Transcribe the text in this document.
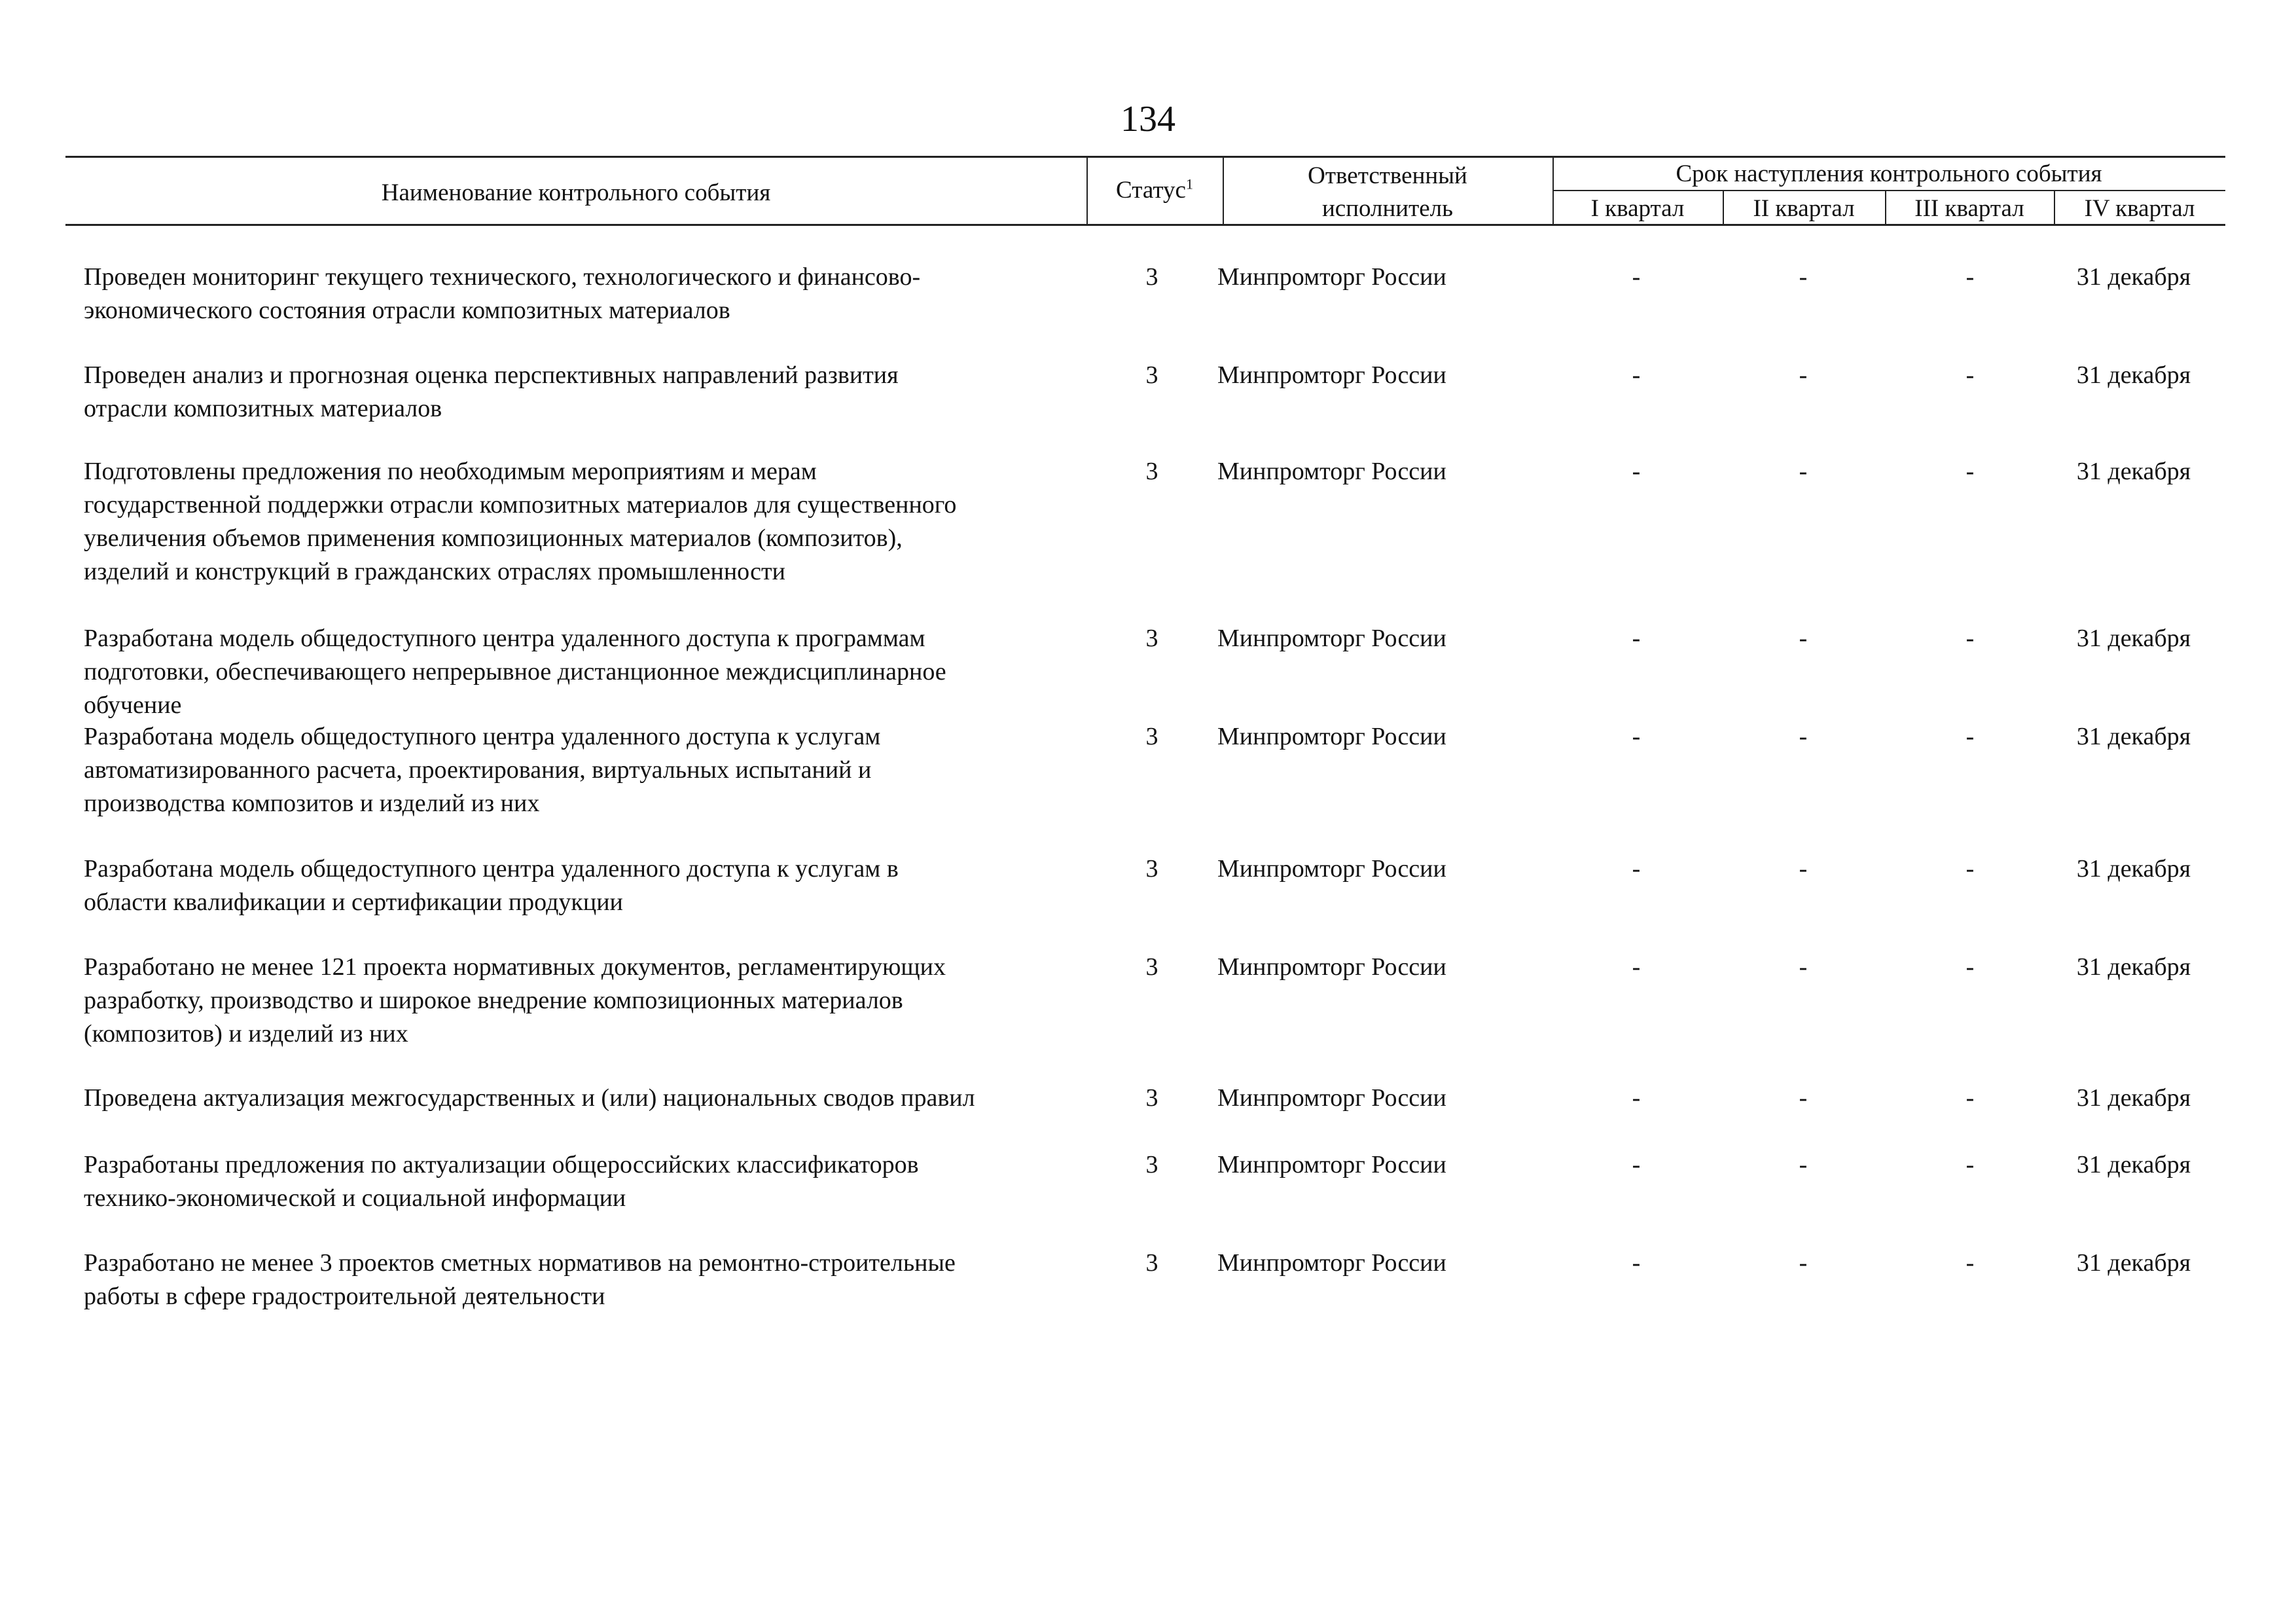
134
Наименование контрольного события	Статус$^1$	Ответственный
исполнитель
Срок наступления контрольного события
I квартал	II квартал	III квартал	IV квартал
Проведен мониторинг текущего технического, технологического и финансово-
экономического состояния отрасли композитных материалов
3	Минпромторг России	-	-	-	31 декабря
Проведен анализ и прогнозная оценка перспективных направлений развития
отрасли композитных материалов
3	Минпромторг России	-	-	-	31 декабря
Подготовлены предложения по необходимым мероприятиям и мерам
государственной поддержки отрасли композитных материалов для существенного
увеличения объемов применения композиционных материалов (композитов),
изделий и конструкций в гражданских отраслях промышленности
3	Минпромторг России	-	-	-	31 декабря
Разработана модель общедоступного центра удаленного доступа к программам
подготовки, обеспечивающего непрерывное дистанционное междисциплинарное
обучение
3	Минпромторг России	-	-	-	31 декабря
Разработана модель общедоступного центра удаленного доступа к услугам
автоматизированного расчета, проектирования, виртуальных испытаний и
производства композитов и изделий из них
3	Минпромторг России	-	-	-	31 декабря
Разработана модель общедоступного центра удаленного доступа к услугам в
области квалификации и сертификации продукции
3	Минпромторг России	-	-	-	31 декабря
Разработано не менее 121 проекта нормативных документов, регламентирующих
разработку, производство и широкое внедрение композиционных материалов
(композитов) и изделий из них
3	Минпромторг России	-	-	-	31 декабря
Проведена актуализация межгосударственных и (или) национальных сводов правил	3	Минпромторг России	-	-	-	31 декабря
Разработаны предложения по актуализации общероссийских классификаторов
технико-экономической и социальной информации
3	Минпромторг России	-	-	-	31 декабря
Разработано не менее 3 проектов сметных нормативов на ремонтно-строительные
работы в сфере градостроительной деятельности
3	Минпромторг России	-	-	-	31 декабря
